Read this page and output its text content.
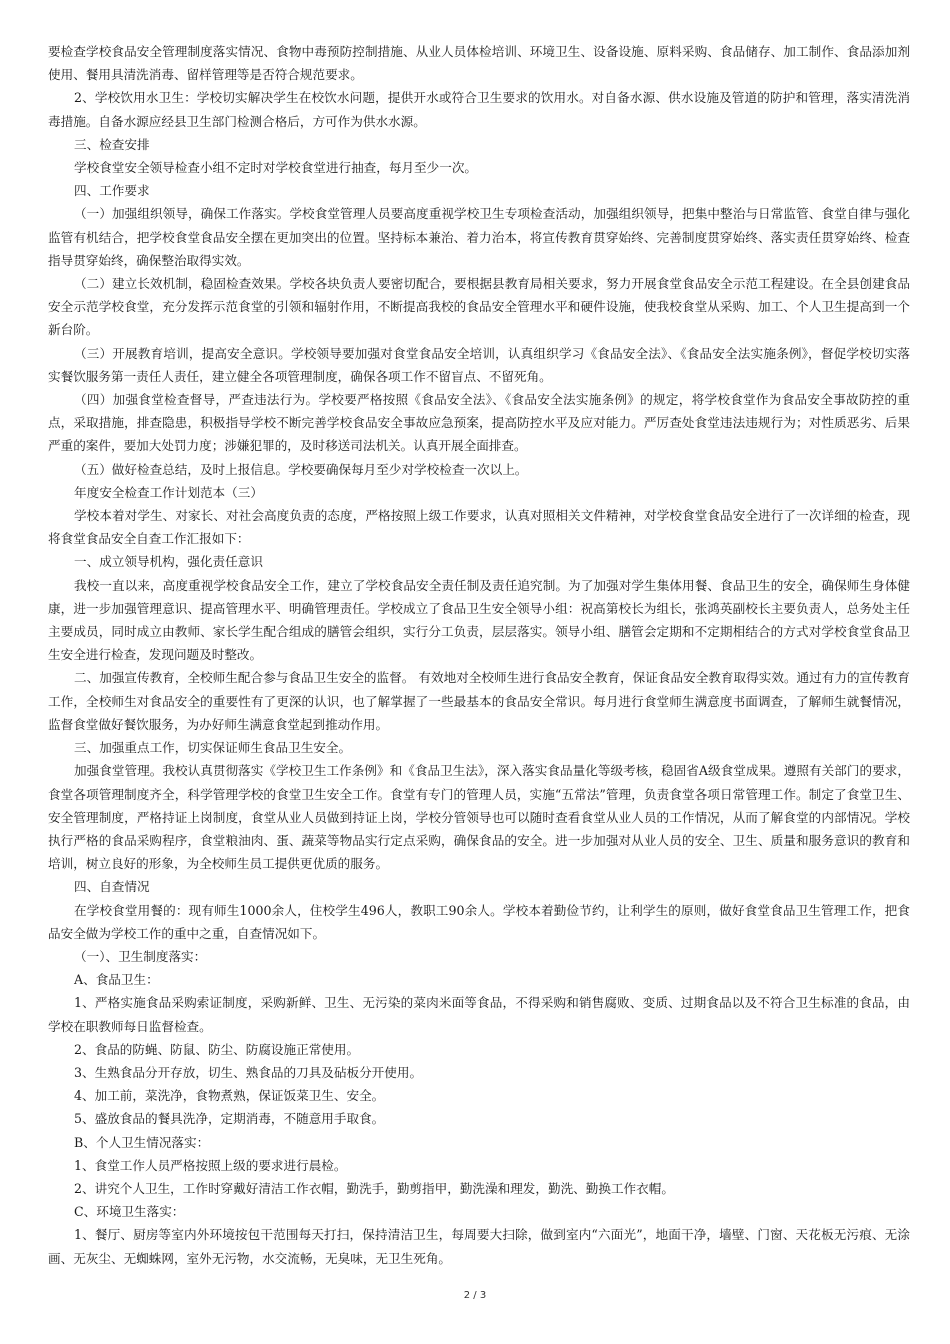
要检查学校食品安全管理制度落实情况、食物中毒预防控制措施、从业人员体检培训、环境卫生、设备设施、原料采购、食品储存、加工制作、食品添加剂使用、餐用具清洗消毒、留样管理等是否符合规范要求。

2、学校饮用水卫生：学校切实解决学生在校饮水问题，提供开水或符合卫生要求的饮用水。对自备水源、供水设施及管道的防护和管理，落实清洗消毒措施。自备水源应经县卫生部门检测合格后，方可作为供水水源。

三、检查安排

学校食堂安全领导检查小组不定时对学校食堂进行抽查，每月至少一次。

四、工作要求

（一）加强组织领导，确保工作落实。学校食堂管理人员要高度重视学校卫生专项检查活动，加强组织领导，把集中整治与日常监管、食堂自律与强化监管有机结合，把学校食堂食品安全摆在更加突出的位置。坚持标本兼治、着力治本，将宣传教育贯穿始终、完善制度贯穿始终、落实责任贯穿始终、检查指导贯穿始终，确保整治取得实效。

（二）建立长效机制，稳固检查效果。学校各块负责人要密切配合，要根据县教育局相关要求，努力开展食堂食品安全示范工程建设。在全县创建食品安全示范学校食堂，充分发挥示范食堂的引领和辐射作用，不断提高我校的食品安全管理水平和硬件设施，使我校食堂从采购、加工、个人卫生提高到一个新台阶。

（三）开展教育培训，提高安全意识。学校领导要加强对食堂食品安全培训，认真组织学习《食品安全法》、《食品安全法实施条例》，督促学校切实落实餐饮服务第一责任人责任，建立健全各项管理制度，确保各项工作不留盲点、不留死角。

（四）加强食堂检查督导，严查违法行为。学校要严格按照《食品安全法》、《食品安全法实施条例》的规定，将学校食堂作为食品安全事故防控的重点，采取措施，排查隐患，积极指导学校不断完善学校食品安全事故应急预案，提高防控水平及应对能力。严厉查处食堂违法违规行为；对性质恶劣、后果严重的案件，要加大处罚力度；涉嫌犯罪的，及时移送司法机关。认真开展全面排查。

（五）做好检查总结，及时上报信息。学校要确保每月至少对学校检查一次以上。

年度安全检查工作计划范本（三）

学校本着对学生、对家长、对社会高度负责的态度，严格按照上级工作要求，认真对照相关文件精神，对学校食堂食品安全进行了一次详细的检查，现将食堂食品安全自查工作汇报如下：

一、成立领导机构，强化责任意识

我校一直以来，高度重视学校食品安全工作，建立了学校食品安全责任制及责任追究制。为了加强对学生集体用餐、食品卫生的安全，确保师生身体健康，进一步加强管理意识、提高管理水平、明确管理责任。学校成立了食品卫生安全领导小组：祝高第校长为组长，张鸿英副校长主要负责人，总务处主任主要成员，同时成立由教师、家长学生配合组成的膳管会组织，实行分工负责，层层落实。领导小组、膳管会定期和不定期相结合的方式对学校食堂食品卫生安全进行检查，发现问题及时整改。

二、加强宣传教育，全校师生配合参与食品卫生安全的监督。 有效地对全校师生进行食品安全教育，保证食品安全教育取得实效。通过有力的宣传教育工作，全校师生对食品安全的重要性有了更深的认识，也了解掌握了一些最基本的食品安全常识。每月进行食堂师生满意度书面调查，了解师生就餐情况，监督食堂做好餐饮服务，为办好师生满意食堂起到推动作用。

三、加强重点工作，切实保证师生食品卫生安全。

加强食堂管理。我校认真贯彻落实《学校卫生工作条例》和《食品卫生法》，深入落实食品量化等级考核，稳固省A级食堂成果。遵照有关部门的要求，食堂各项管理制度齐全，科学管理学校的食堂卫生安全工作。食堂有专门的管理人员，实施“五常法”管理，负责食堂各项日常管理工作。制定了食堂卫生、安全管理制度，严格持证上岗制度，食堂从业人员做到持证上岗，学校分管领导也可以随时查看食堂从业人员的工作情况，从而了解食堂的内部情况。学校执行严格的食品采购程序，食堂粮油肉、蛋、蔬菜等物品实行定点采购，确保食品的安全。进一步加强对从业人员的安全、卫生、质量和服务意识的教育和培训，树立良好的形象，为全校师生员工提供更优质的服务。

四、自查情况

在学校食堂用餐的：现有师生1000余人，住校学生496人，教职工90余人。学校本着勤俭节约，让利学生的原则，做好食堂食品卫生管理工作，把食品安全做为学校工作的重中之重，自查情况如下。

（一）、卫生制度落实：

A、食品卫生：

1、严格实施食品采购索证制度，采购新鲜、卫生、无污染的菜肉米面等食品，不得采购和销售腐败、变质、过期食品以及不符合卫生标准的食品，由学校在职教师每日监督检查。

2、食品的防蝇、防鼠、防尘、防腐设施正常使用。

3、生熟食品分开存放，切生、熟食品的刀具及砧板分开使用。

4、加工前，菜洗净，食物煮熟，保证饭菜卫生、安全。

5、盛放食品的餐具洗净，定期消毒，不随意用手取食。

B、个人卫生情况落实：

1、食堂工作人员严格按照上级的要求进行晨检。

2、讲究个人卫生，工作时穿戴好清洁工作衣帽，勤洗手，勤剪指甲，勤洗澡和理发，勤洗、勤换工作衣帽。

C、环境卫生落实：

1、餐厅、厨房等室内外环境按包干范围每天打扫，保持清洁卫生，每周要大扫除，做到室内“六面光”，地面干净，墙壁、门窗、天花板无污痕、无涂画、无灰尘、无蜘蛛网，室外无污物，水交流畅，无臭味，无卫生死角。

2 / 3
